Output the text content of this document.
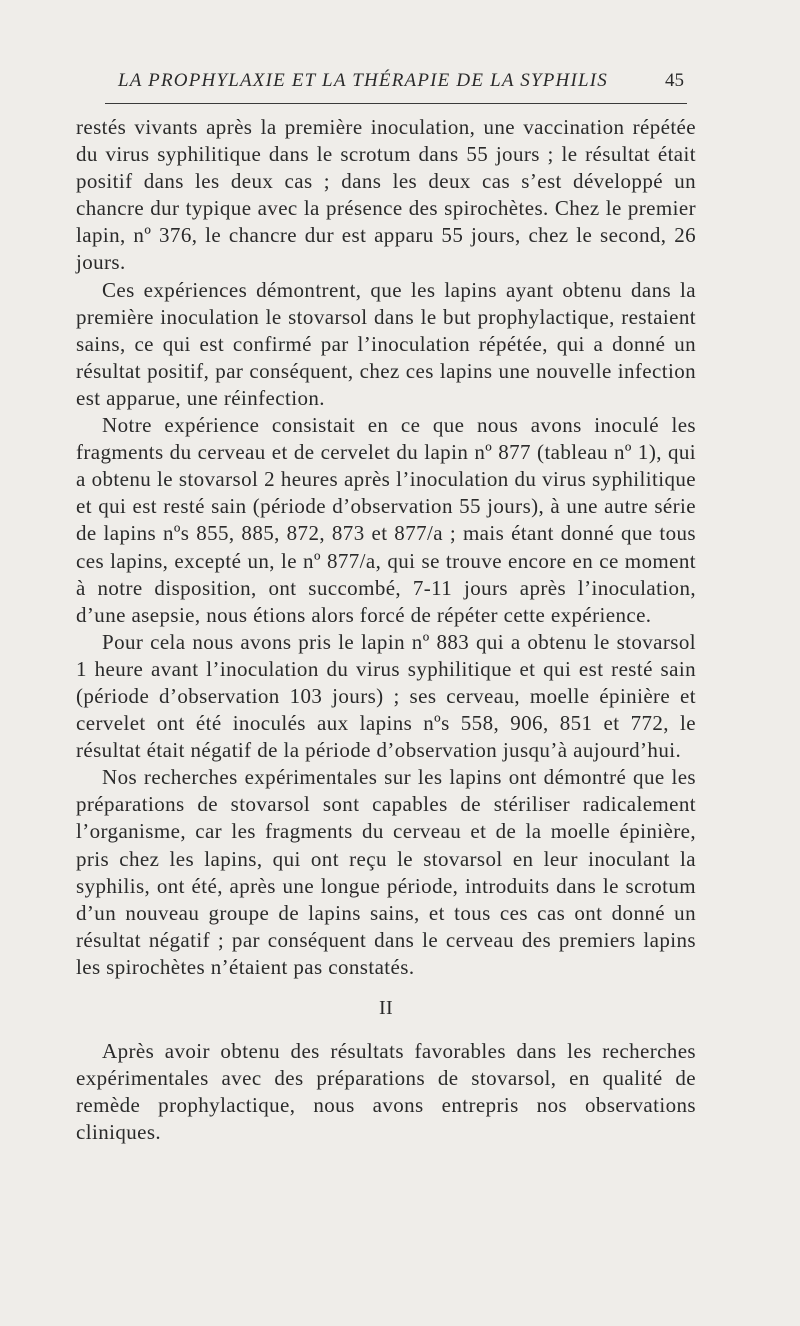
LA PROPHYLAXIE ET LA THÉRAPIE DE LA SYPHILIS	45

restés vivants après la première inoculation, une vaccination répétée du virus syphilitique dans le scrotum dans 55 jours ; le résultat était positif dans les deux cas ; dans les deux cas s’est développé un chancre dur typique avec la présence des spirochètes. Chez le premier lapin, nº 376, le chancre dur est apparu 55 jours, chez le second, 26 jours.

Ces expériences démontrent, que les lapins ayant obtenu dans la première inoculation le stovarsol dans le but prophylactique, restaient sains, ce qui est confirmé par l’inoculation répétée, qui a donné un résultat positif, par conséquent, chez ces lapins une nouvelle infection est apparue, une réinfection.

Notre expérience consistait en ce que nous avons inoculé les fragments du cerveau et de cervelet du lapin nº 877 (tableau nº 1), qui a obtenu le stovarsol 2 heures après l’inoculation du virus syphilitique et qui est resté sain (période d’observation 55 jours), à une autre série de lapins nºs 855, 885, 872, 873 et 877/a ; mais étant donné que tous ces lapins, excepté un, le nº 877/a, qui se trouve encore en ce moment à notre disposition, ont succombé, 7-11 jours après l’inoculation, d’une asepsie, nous étions alors forcé de répéter cette expérience.

Pour cela nous avons pris le lapin nº 883 qui a obtenu le stovarsol 1 heure avant l’inoculation du virus syphilitique et qui est resté sain (période d’observation 103 jours) ; ses cerveau, moelle épinière et cervelet ont été inoculés aux lapins nºs 558, 906, 851 et 772, le résultat était négatif de la période d’observation jusqu’à aujourd’hui.

Nos recherches expérimentales sur les lapins ont démontré que les préparations de stovarsol sont capables de stériliser radicalement l’organisme, car les fragments du cerveau et de la moelle épinière, pris chez les lapins, qui ont reçu le stovarsol en leur inoculant la syphilis, ont été, après une longue période, introduits dans le scrotum d’un nouveau groupe de lapins sains, et tous ces cas ont donné un résultat négatif ; par conséquent dans le cerveau des premiers lapins les spirochètes n’étaient pas constatés.

II

Après avoir obtenu des résultats favorables dans les recherches expérimentales avec des préparations de stovarsol, en qualité de remède prophylactique, nous avons entrepris nos observations cliniques.
